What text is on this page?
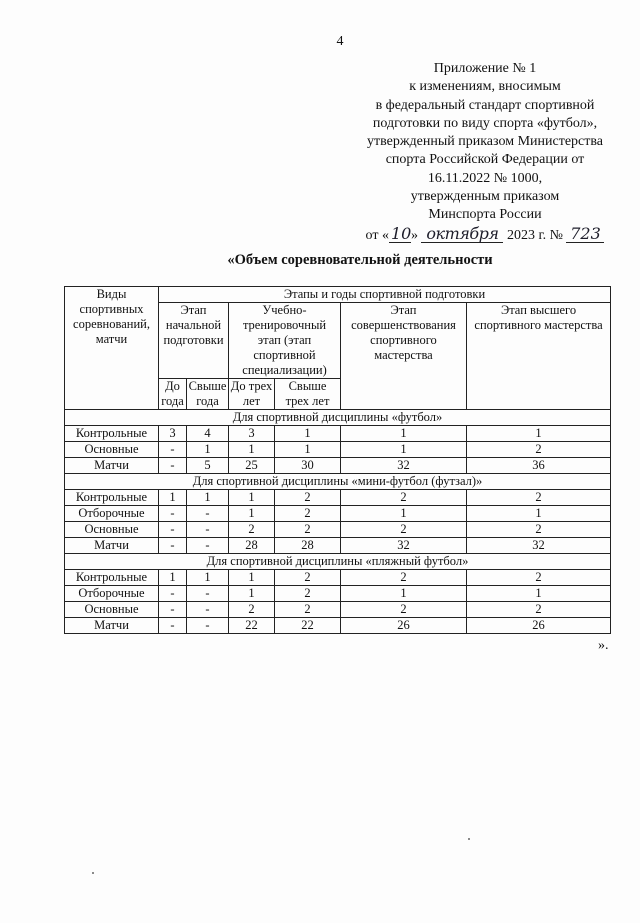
4
Приложение № 1
к изменениям, вносимым
в федеральный стандарт спортивной
подготовки по виду спорта «футбол»,
утвержденный приказом Министерства
спорта Российской Федерации от
16.11.2022 № 1000,
утвержденным приказом
Минспорта России
от « 10» октября 2023 г. № 723
«Объем соревновательной деятельности
Виды спортивных соревнований, матчи	Этапы и годы спортивной подготовки					
	Этап начальной подготовки		Учебно-тренировочный этап (этап спортивной специализации)		Этап совершенствования спортивного мастерства	Этап высшего спортивного мастерства
	До года	Свыше года	До трех лет	Свыше трех лет		
Для спортивной дисциплины «футбол»						
Контрольные	3	4	3	1	1	1
Основные	-	1	1	1	1	2
Матчи	-	5	25	30	32	36
Для спортивной дисциплины «мини-футбол (футзал)»						
Контрольные	1	1	1	2	2	2
Отборочные	-	-	1	2	1	1
Основные	-	-	2	2	2	2
Матчи	-	-	28	28	32	32
Для спортивной дисциплины «пляжный футбол»						
Контрольные	1	1	1	2	2	2
Отборочные	-	-	1	2	1	1
Основные	-	-	2	2	2	2
Матчи	-	-	22	22	26	26
».
